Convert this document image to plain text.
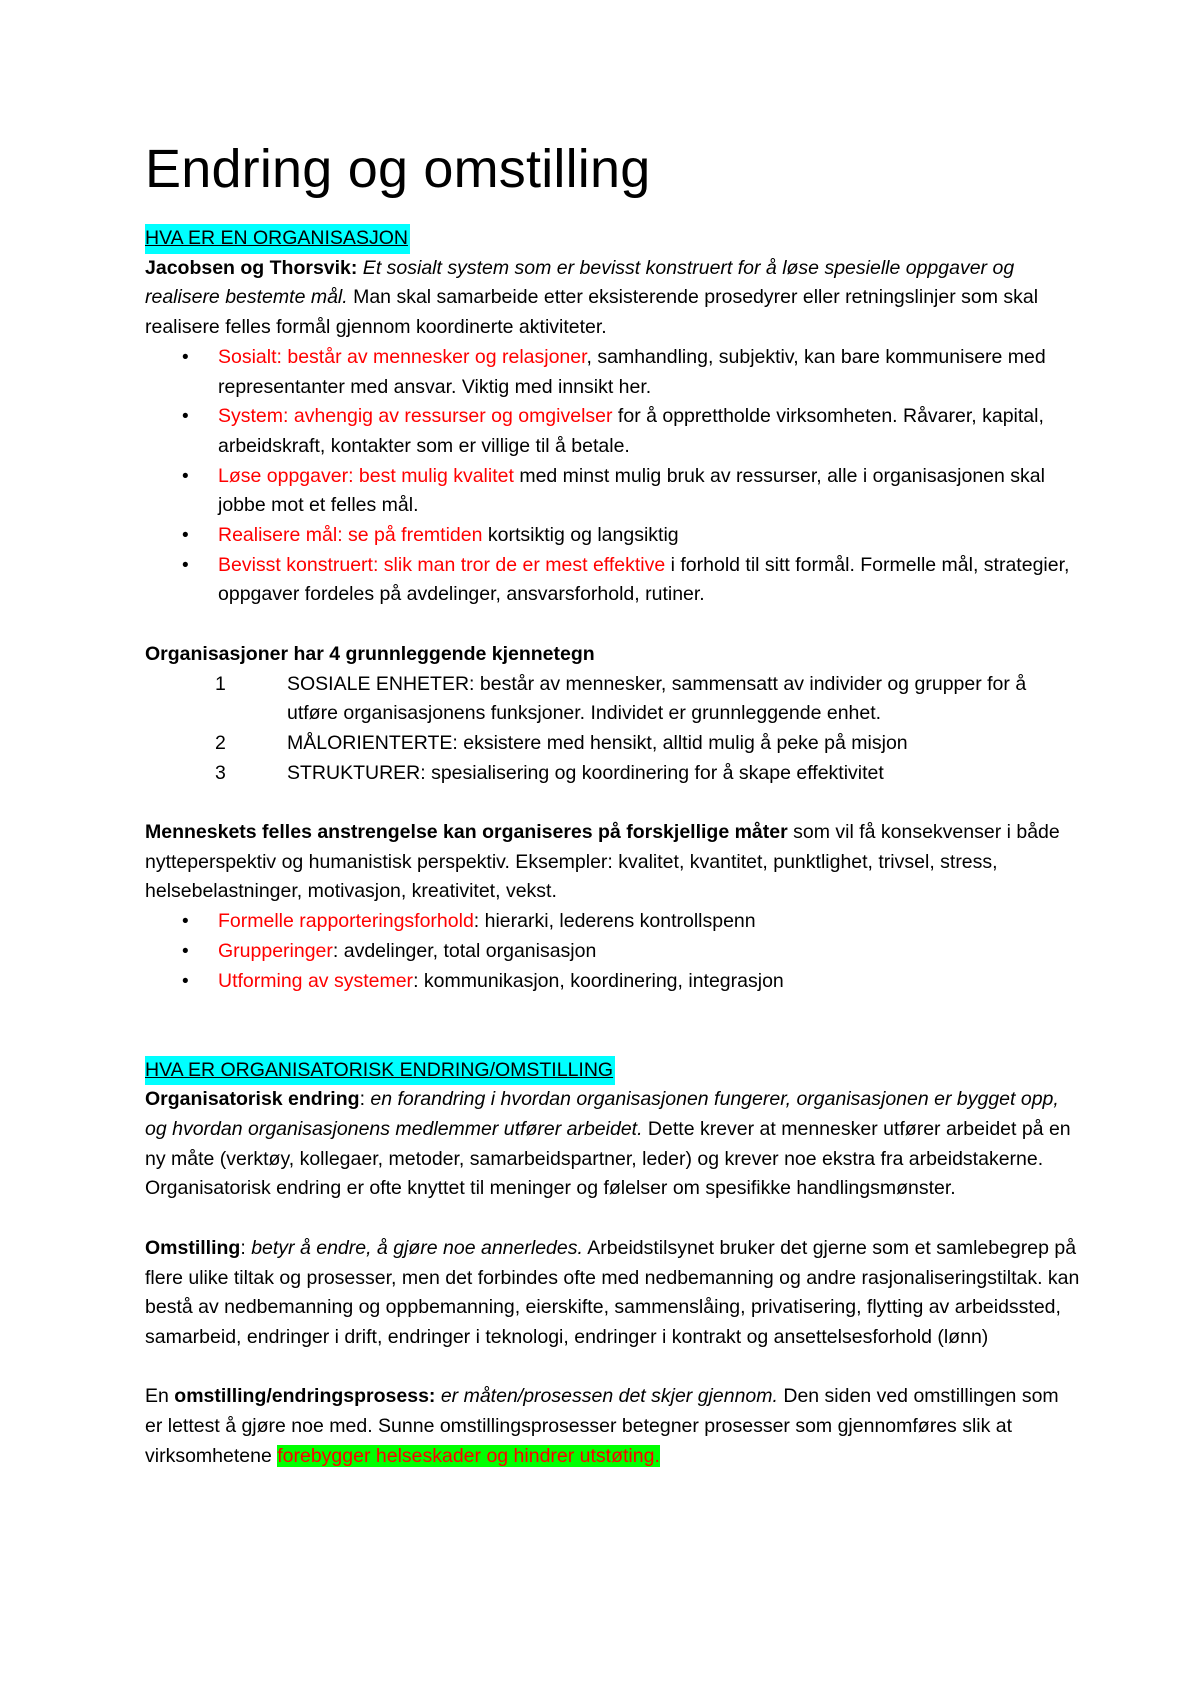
Endring og omstilling

HVA ER EN ORGANISASJON

Jacobsen og Thorsvik: Et sosialt system som er bevisst konstruert for å løse spesielle oppgaver og realisere bestemte mål. Man skal samarbeide etter eksisterende prosedyrer eller retningslinjer som skal realisere felles formål gjennom koordinerte aktiviteter.

• Sosialt: består av mennesker og relasjoner, samhandling, subjektiv, kan bare kommunisere med representanter med ansvar. Viktig med innsikt her.
• System: avhengig av ressurser og omgivelser for å opprettholde virksomheten. Råvarer, kapital, arbeidskraft, kontakter som er villige til å betale.
• Løse oppgaver: best mulig kvalitet med minst mulig bruk av ressurser, alle i organisasjonen skal jobbe mot et felles mål.
• Realisere mål: se på fremtiden kortsiktig og langsiktig
• Bevisst konstruert: slik man tror de er mest effektive i forhold til sitt formål. Formelle mål, strategier, oppgaver fordeles på avdelinger, ansvarsforhold, rutiner.

Organisasjoner har 4 grunnleggende kjennetegn

1	SOSIALE ENHETER: består av mennesker, sammensatt av individer og grupper for å utføre organisasjonens funksjoner. Individet er grunnleggende enhet.
2	MÅLORIENTERTE: eksistere med hensikt, alltid mulig å peke på misjon
3	STRUKTURER: spesialisering og koordinering for å skape effektivitet

Menneskets felles anstrengelse kan organiseres på forskjellige måter som vil få konsekvenser i både nytteperspektiv og humanistisk perspektiv. Eksempler: kvalitet, kvantitet, punktlighet, trivsel, stress, helsebelastninger, motivasjon, kreativitet, vekst.

• Formelle rapporteringsforhold: hierarki, lederens kontrollspenn
• Grupperinger: avdelinger, total organisasjon
• Utforming av systemer: kommunikasjon, koordinering, integrasjon

HVA ER ORGANISATORISK ENDRING/OMSTILLING

Organisatorisk endring: en forandring i hvordan organisasjonen fungerer, organisasjonen er bygget opp, og hvordan organisasjonens medlemmer utfører arbeidet. Dette krever at mennesker utfører arbeidet på en ny måte (verktøy, kollegaer, metoder, samarbeidspartner, leder) og krever noe ekstra fra arbeidstakerne. Organisatorisk endring er ofte knyttet til meninger og følelser om spesifikke handlingsmønster.

Omstilling: betyr å endre, å gjøre noe annerledes. Arbeidstilsynet bruker det gjerne som et samlebegrep på flere ulike tiltak og prosesser, men det forbindes ofte med nedbemanning og andre rasjonaliseringstiltak. kan bestå av nedbemanning og oppbemanning, eierskifte, sammenslåing, privatisering, flytting av arbeidssted, samarbeid, endringer i drift, endringer i teknologi, endringer i kontrakt og ansettelsesforhold (lønn)

En omstilling/endringsprosess: er måten/prosessen det skjer gjennom. Den siden ved omstillingen som er lettest å gjøre noe med. Sunne omstillingsprosesser betegner prosesser som gjennomføres slik at virksomhetene forebygger helseskader og hindrer utstøting.
